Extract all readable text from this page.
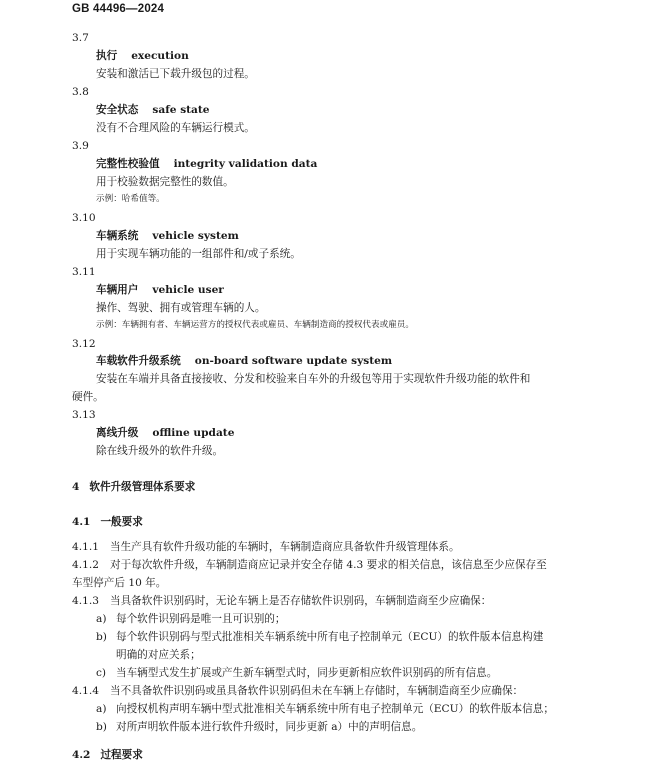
GB 44496—2024
3.7
执行 execution
安装和激活已下载升级包的过程。
3.8
安全状态 safe state
没有不合理风险的车辆运行模式。
3.9
完整性校验值 integrity validation data
用于校验数据完整性的数值。
示例：哈希值等。
3.10
车辆系统 vehicle system
用于实现车辆功能的一组部件和/或子系统。
3.11
车辆用户 vehicle user
操作、驾驶、拥有或管理车辆的人。
示例：车辆拥有者、车辆运营方的授权代表或雇员、车辆制造商的授权代表或雇员。
3.12
车载软件升级系统 on-board software update system
安装在车端并具备直接接收、分发和校验来自车外的升级包等用于实现软件升级功能的软件和
硬件。
3.13
离线升级 offline update
除在线升级外的软件升级。
4 软件升级管理体系要求
4.1 一般要求
4.1.1 当生产具有软件升级功能的车辆时，车辆制造商应具备软件升级管理体系。
4.1.2 对于每次软件升级，车辆制造商应记录并安全存储 4.3 要求的相关信息，该信息至少应保存至
车型停产后 10 年。
4.1.3 当具备软件识别码时，无论车辆上是否存储软件识别码，车辆制造商至少应确保：
a) 每个软件识别码是唯一且可识别的；
b) 每个软件识别码与型式批准相关车辆系统中所有电子控制单元（ECU）的软件版本信息构建
明确的对应关系；
c) 当车辆型式发生扩展或产生新车辆型式时，同步更新相应软件识别码的所有信息。
4.1.4 当不具备软件识别码或虽具备软件识别码但未在车辆上存储时，车辆制造商至少应确保：
a) 向授权机构声明车辆中型式批准相关车辆系统中所有电子控制单元（ECU）的软件版本信息；
b) 对所声明软件版本进行软件升级时，同步更新 a）中的声明信息。
4.2 过程要求
